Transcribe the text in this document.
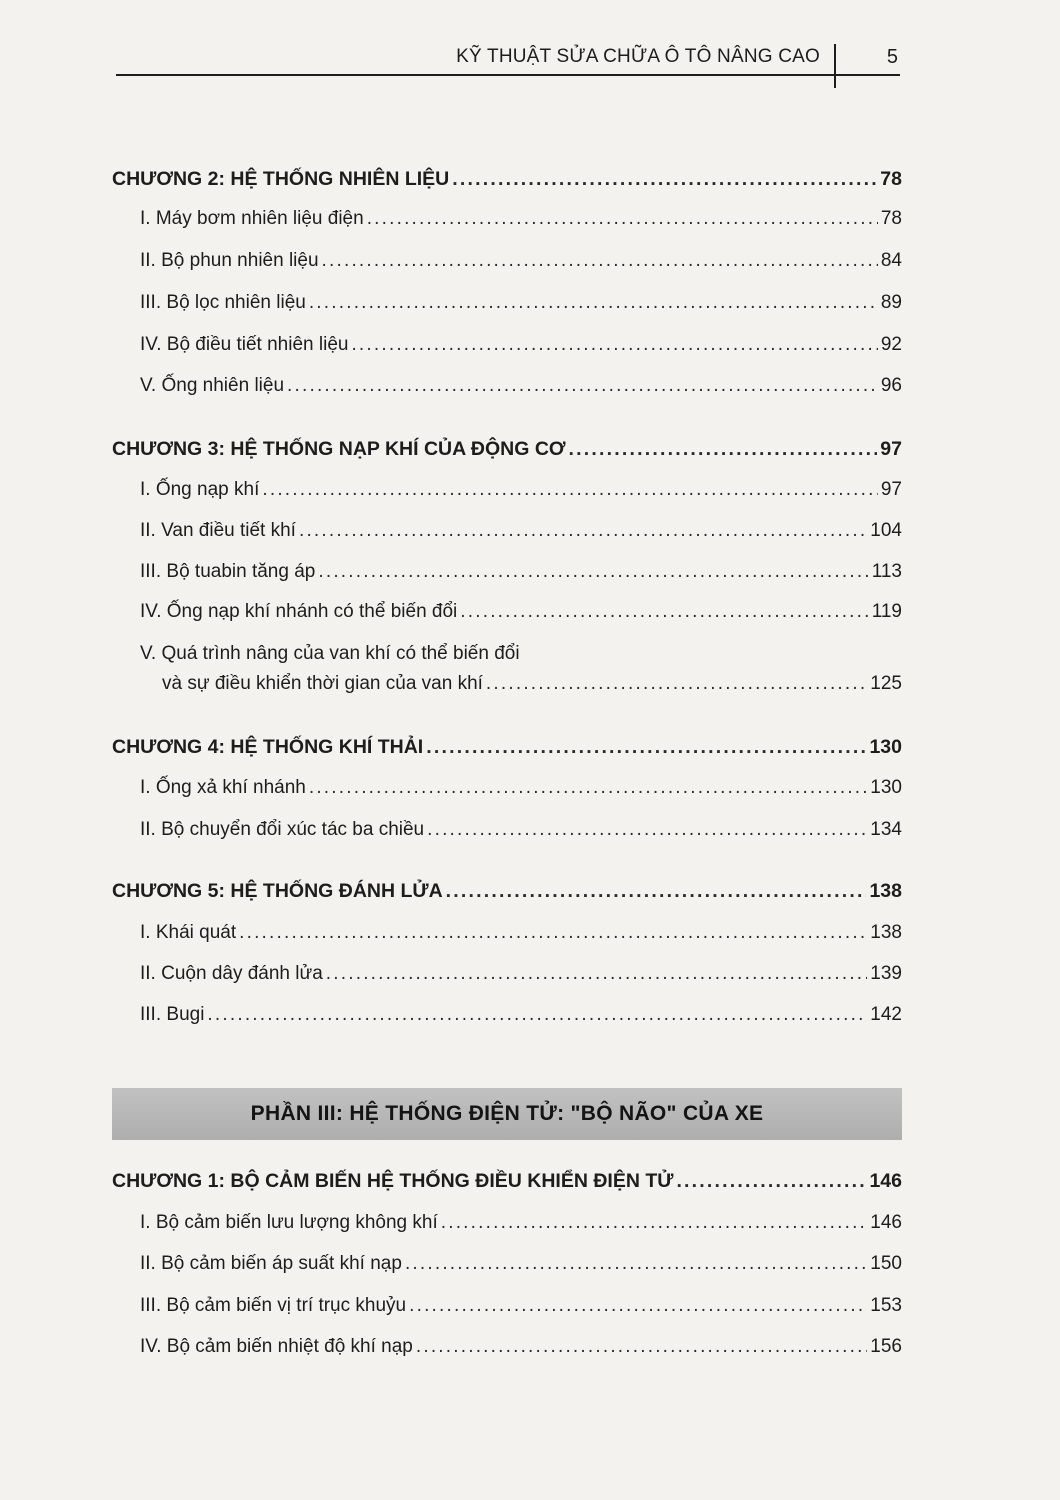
KỸ THUẬT SỬA CHỮA Ô TÔ NÂNG CAO	5
CHƯƠNG 2: HỆ THỐNG NHIÊN LIỆU .....	78
I. Máy bơm nhiên liệu điện .....	78
II. Bộ phun nhiên liệu .....	84
III. Bộ lọc nhiên liệu .....	89
IV. Bộ điều tiết nhiên liệu .....	92
V. Ống nhiên liệu .....	96
CHƯƠNG 3: HỆ THỐNG NẠP KHÍ CỦA ĐỘNG CƠ .....	97
I. Ống nạp khí .....	97
II. Van điều tiết khí .....	104
III. Bộ tuabin tăng áp .....	113
IV. Ống nạp khí nhánh có thể biến đổi .....	119
V. Quá trình nâng của van khí có thể biến đổi
và sự điều khiển thời gian của van khí .....	125
CHƯƠNG 4: HỆ THỐNG KHÍ THẢI .....	130
I. Ống xả khí nhánh .....	130
II. Bộ chuyển đổi xúc tác ba chiều .....	134
CHƯƠNG 5: HỆ THỐNG ĐÁNH LỬA .....	138
I. Khái quát .....	138
II. Cuộn dây đánh lửa .....	139
III. Bugi .....	142
PHẦN III: HỆ THỐNG ĐIỆN TỬ: "BỘ NÃO" CỦA XE
CHƯƠNG 1: BỘ CẢM BIẾN HỆ THỐNG ĐIỀU KHIỂN ĐIỆN TỬ .....	146
I. Bộ cảm biến lưu lượng không khí .....	146
II. Bộ cảm biến áp suất khí nạp .....	150
III. Bộ cảm biến vị trí trục khuỷu .....	153
IV. Bộ cảm biến nhiệt độ khí nạp .....	156
